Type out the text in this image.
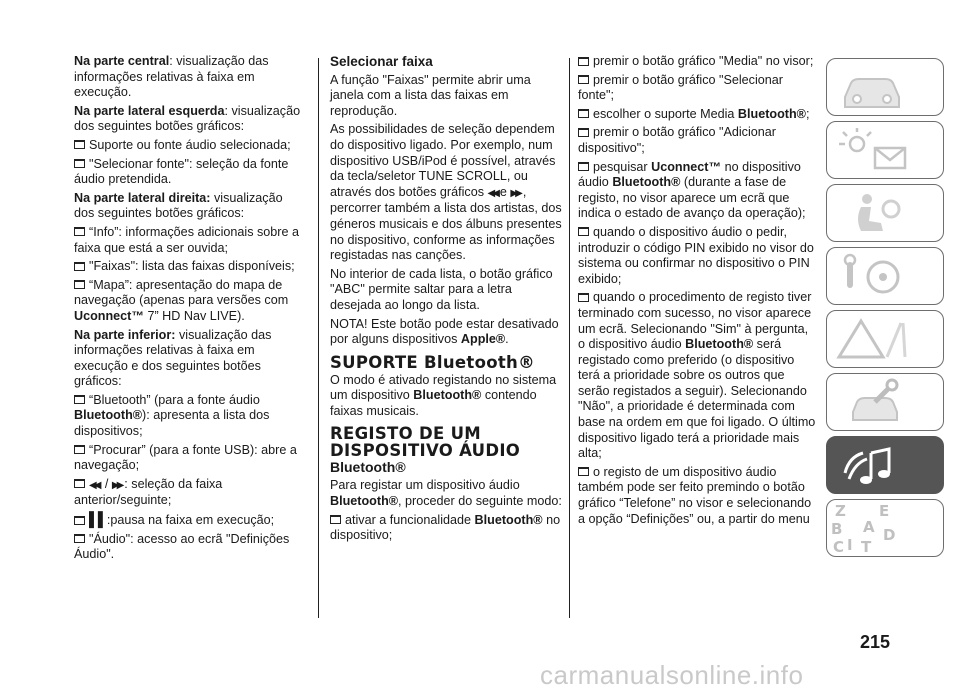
Na parte central: visualização das informações relativas à faixa em execução.

Na parte lateral esquerda: visualização dos seguintes botões gráficos:

Suporte ou fonte áudio selecionada;

"Selecionar fonte": seleção da fonte áudio pretendida.

Na parte lateral direita: visualização dos seguintes botões gráficos:

“Info”: informações adicionais sobre a faixa que está a ser ouvida;

"Faixas": lista das faixas disponíveis;

“Mapa”: apresentação do mapa de navegação (apenas para versões com Uconnect™ 7” HD Nav LIVE).

Na parte inferior: visualização das informações relativas à faixa em execução e dos seguintes botões gráficos:

“Bluetooth” (para a fonte áudio Bluetooth®): apresenta a lista dos dispositivos;

“Procurar” (para a fonte USB): abre a navegação;

◀◀ / ▶▶ : seleção da faixa anterior/seguinte;

▌▌:pausa na faixa em execução;

"Áudio": acesso ao ecrã "Definições Áudio".

Selecionar faixa

A função "Faixas" permite abrir uma janela com a lista das faixas em reprodução.

As possibilidades de seleção dependem do dispositivo ligado. Por exemplo, num dispositivo USB/iPod é possível, através da tecla/seletor TUNE SCROLL, ou através dos botões gráficos ◀◀ e ▶▶ , percorrer também a lista dos artistas, dos géneros musicais e dos álbuns presentes no dispositivo, conforme as informações registadas nas canções.

No interior de cada lista, o botão gráfico "ABC" permite saltar para a letra desejada ao longo da lista.

NOTA! Este botão pode estar desativado por alguns dispositivos Apple®.

SUPORTE Bluetooth®

O modo é ativado registando no sistema um dispositivo Bluetooth® contendo faixas musicais.

REGISTO DE UM DISPOSITIVO ÁUDIO
Bluetooth®

Para registar um dispositivo áudio Bluetooth®, proceder do seguinte modo:

ativar a funcionalidade Bluetooth® no dispositivo;

premir o botão gráfico "Media" no visor;

premir o botão gráfico "Selecionar fonte";

escolher o suporte Media Bluetooth®;

premir o botão gráfico "Adicionar dispositivo";

pesquisar Uconnect™ no dispositivo áudio Bluetooth® (durante a fase de registo, no visor aparece um ecrã que indica o estado de avanço da operação);

quando o dispositivo áudio o pedir, introduzir o código PIN exibido no visor do sistema ou confirmar no dispositivo o PIN exibido;

quando o procedimento de registo tiver terminado com sucesso, no visor aparece um ecrã. Selecionando "Sim" à pergunta, o dispositivo áudio Bluetooth® será registado como preferido (o dispositivo terá a prioridade sobre os outros que serão registados a seguir). Selecionando "Não", a prioridade é determinada com base na ordem em que foi ligado. O último dispositivo ligado terá a prioridade mais alta;

o registo de um dispositivo áudio também pode ser feito premindo o botão gráfico “Telefone” no visor e selecionando a opção “Definições” ou, a partir do menu	Z E
B A
I
C T
D
215
carmanualsonline.info
